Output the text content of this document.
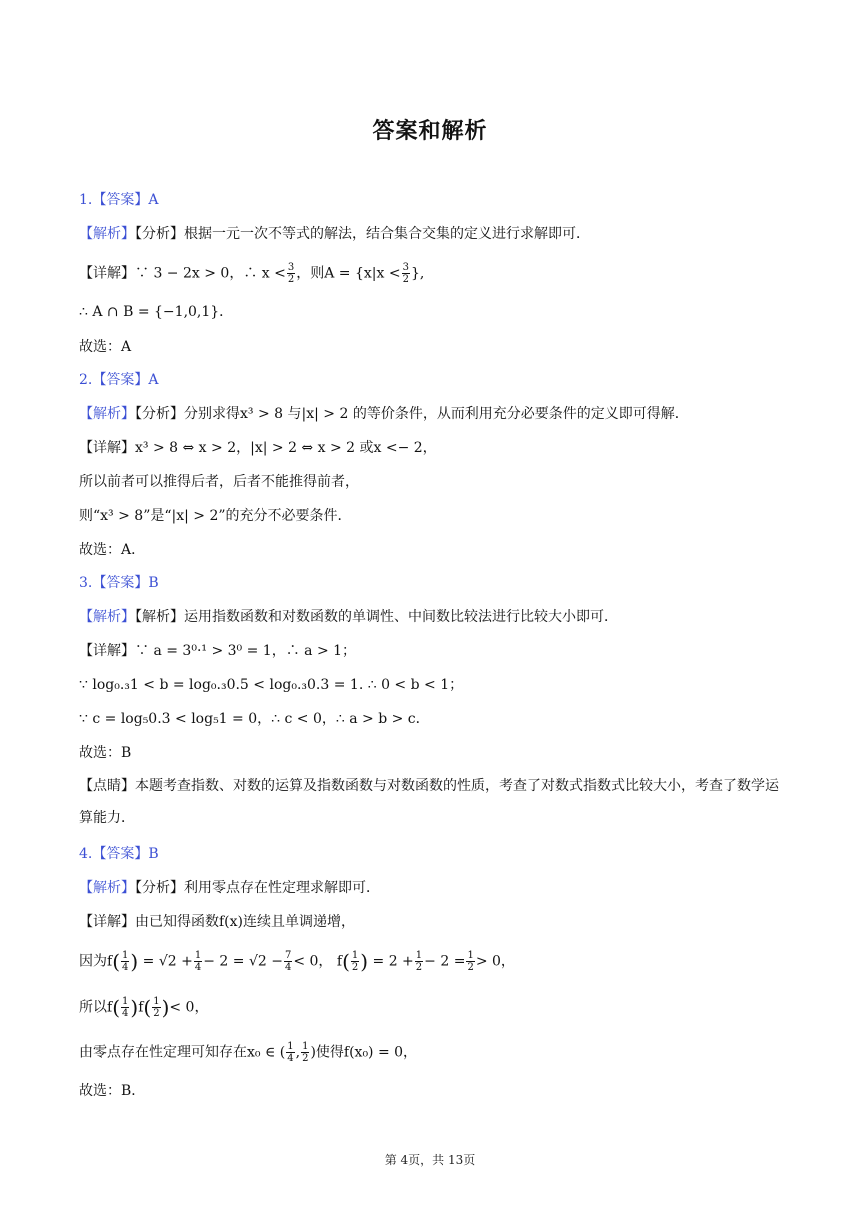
答案和解析
1.【答案】A
【解析】【分析】根据一元一次不等式的解法，结合集合交集的定义进行求解即可．
【详解】∵ 3 − 2x > 0，∴ $x < \frac{3}{2}$ ，则$A = \{x|x < \frac{3}{2}$ },
∴ A ∩ B = {−1,0,1}．
故选：A
2.【答案】A
【解析】【分析】分别求得x³ > 8 与|x| > 2 的等价条件，从而利用充分必要条件的定义即可得解．
【详解】x³ > 8 ⇔ x > 2，|x| > 2 ⇔ x > 2 或x <− 2，
所以前者可以推得后者，后者不能推得前者，
则“x³ > 8”是“|x| > 2”的充分不必要条件．
故选：A．
3.【答案】B
【解析】【解析】运用指数函数和对数函数的单调性、中间数比较法进行比较大小即可．
【详解】∵ a = 3⁰·¹ > 3⁰ = 1，∴ a > 1；
∵ log₀.₃1 < b = log₀.₃0.5 < log₀.₃0.3 = 1. ∴ 0 < b < 1；
∵ c = log₅0.3 < log₅1 = 0，∴ c < 0，∴ a > b > c．
故选：B
【点睛】本题考查指数、对数的运算及指数函数与对数函数的性质，考查了对数式指数式比较大小，考查了数学运算能力．
4.【答案】B
【解析】【分析】利用零点存在性定理求解即可．
【详解】由已知得函数f(x)连续且单调递增，
因为$f( \frac{1}{4}$ ) = $√2 + \frac{1}{4} - 2 = √2 - \frac{7}{4} < 0$， $f( \frac{1}{2}$ ) = $2 + \frac{1}{2} - 2 = \frac{1}{2} > 0$，
所以$f( \frac{1}{4} )f( \frac{1}{2}$ )< 0，
由零点存在性定理可知存在x₀ ∈ ( $\frac{1}{4}$ , $\frac{1}{2}$ )使得f(x₀) = 0，
故选：B．
第 4页，共 13页
